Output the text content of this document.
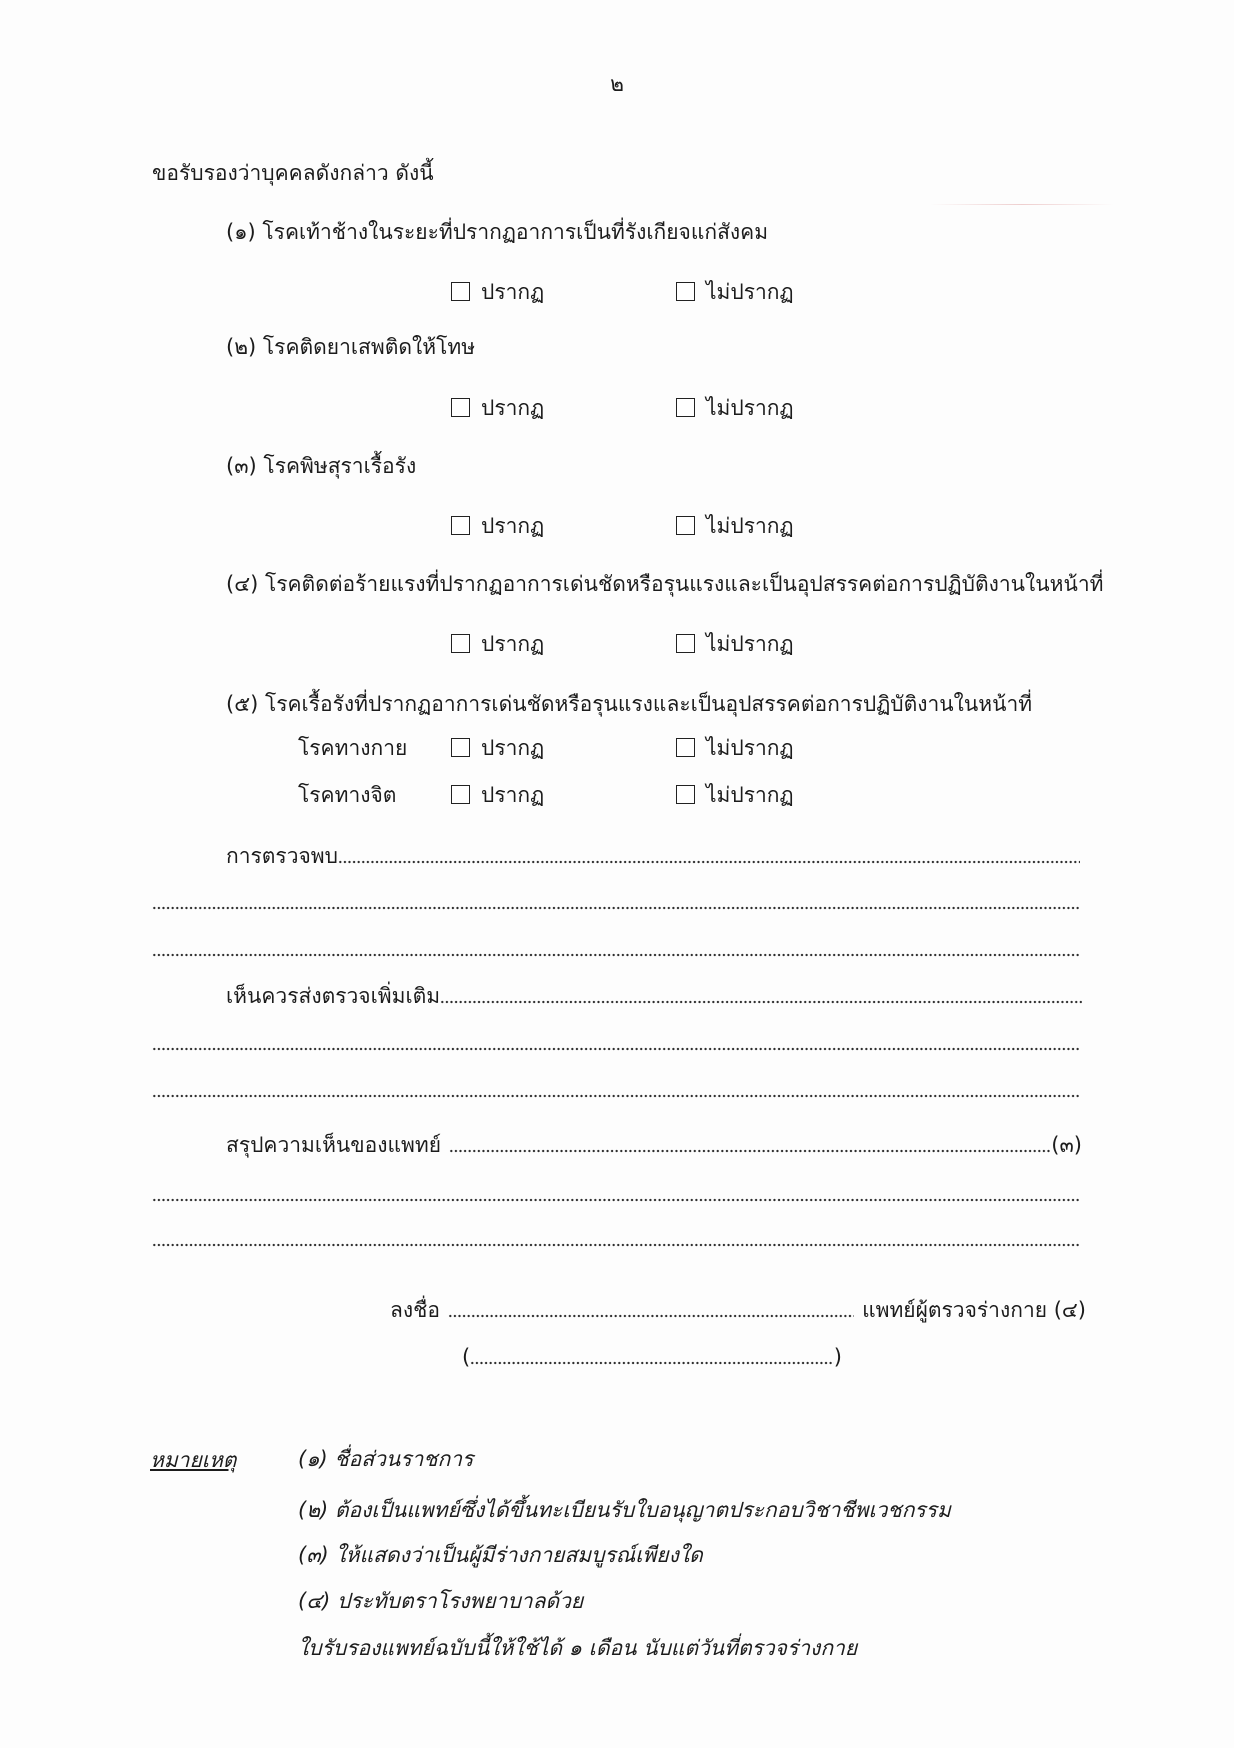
๒
ขอรับรองว่าบุคคลดังกล่าว ดังนี้
(๑) โรคเท้าช้างในระยะที่ปรากฏอาการเป็นที่รังเกียจแก่สังคม
ปรากฏ	ไม่ปรากฏ
(๒) โรคติดยาเสพติดให้โทษ
ปรากฏ	ไม่ปรากฏ
(๓) โรคพิษสุราเรื้อรัง
ปรากฏ	ไม่ปรากฏ
(๔) โรคติดต่อร้ายแรงที่ปรากฏอาการเด่นชัดหรือรุนแรงและเป็นอุปสรรคต่อการปฏิบัติงานในหน้าที่
ปรากฏ	ไม่ปรากฏ
(๕) โรคเรื้อรังที่ปรากฏอาการเด่นชัดหรือรุนแรงและเป็นอุปสรรคต่อการปฏิบัติงานในหน้าที่
โรคทางกาย	ปรากฏ	ไม่ปรากฏ
โรคทางจิต	ปรากฏ	ไม่ปรากฏ
การตรวจพบ
เห็นควรส่งตรวจเพิ่มเติม
สรุปความเห็นของแพทย์	(๓)
ลงชื่อ	แพทย์ผู้ตรวจร่างกาย (๔)
(	)
หมายเหตุ	(๑) ชื่อส่วนราชการ
(๒) ต้องเป็นแพทย์ซึ่งได้ขึ้นทะเบียนรับใบอนุญาตประกอบวิชาชีพเวชกรรม
(๓) ให้แสดงว่าเป็นผู้มีร่างกายสมบูรณ์เพียงใด
(๔) ประทับตราโรงพยาบาลด้วย
ใบรับรองแพทย์ฉบับนี้ให้ใช้ได้ ๑ เดือน นับแต่วันที่ตรวจร่างกาย
